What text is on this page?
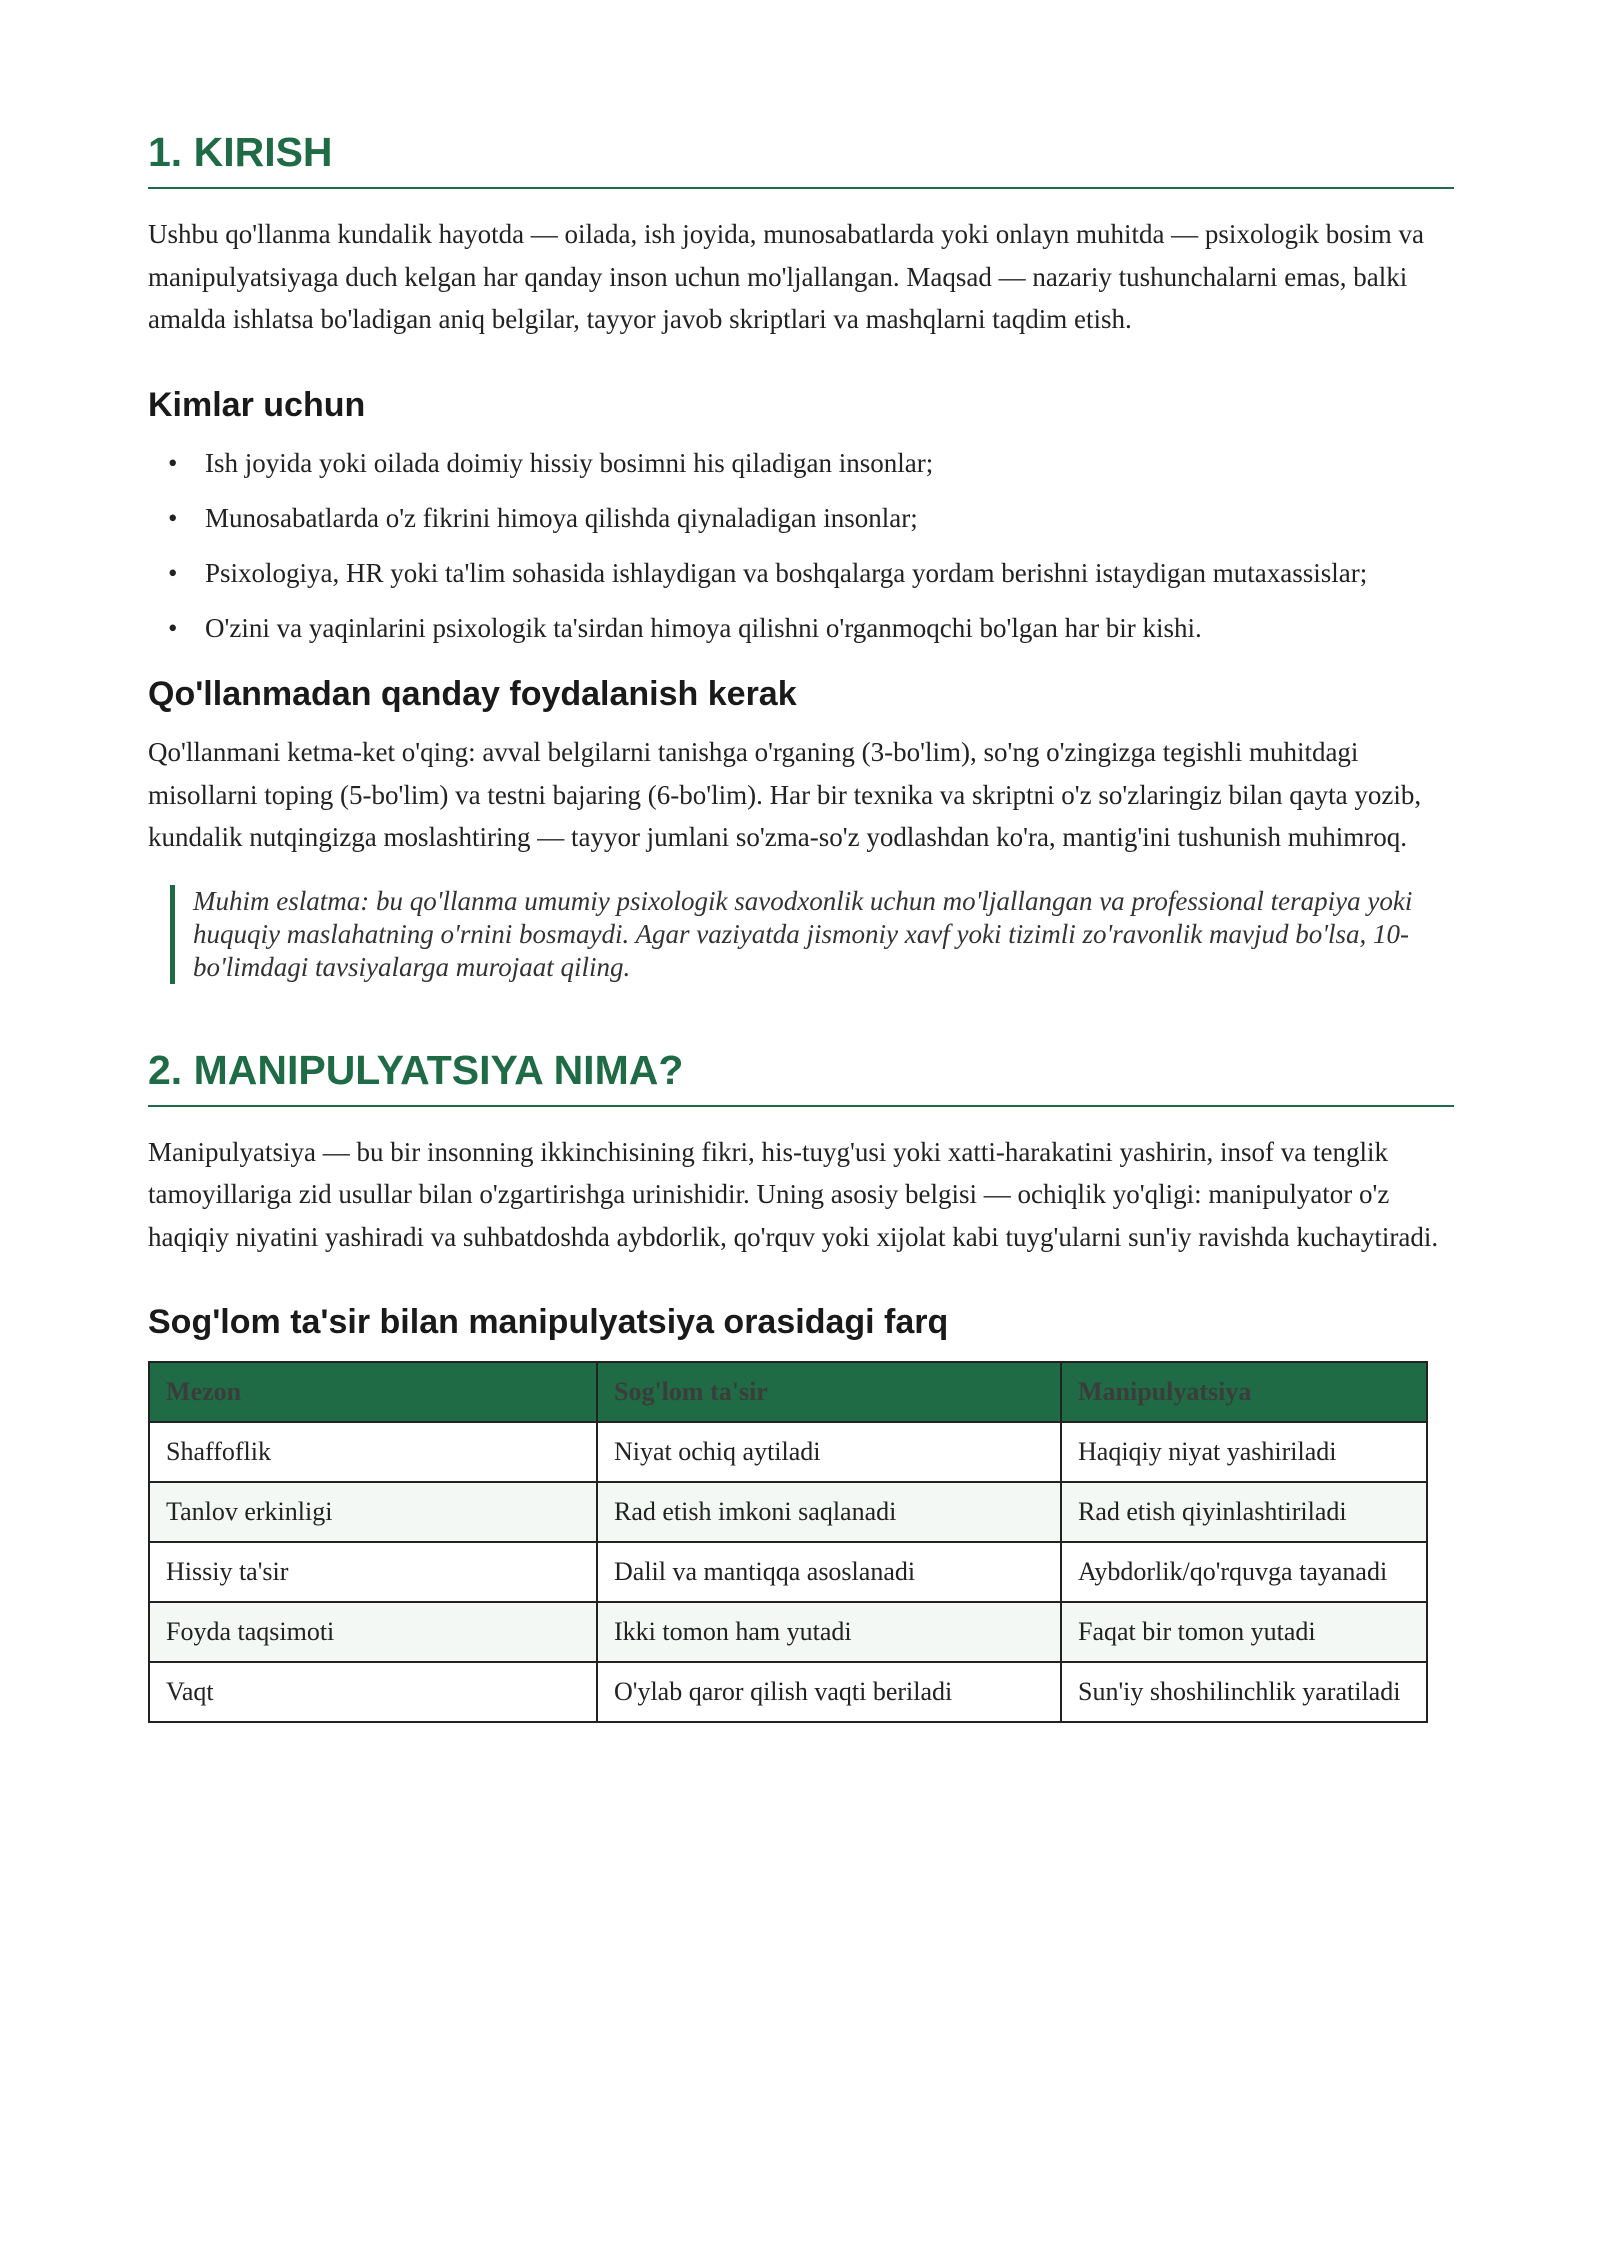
1. KIRISH

Ushbu qo'llanma kundalik hayotda — oilada, ish joyida, munosabatlarda yoki onlayn muhitda — psixologik bosim va manipulyatsiyaga duch kelgan har qanday inson uchun mo'ljallangan. Maqsad — nazariy tushunchalarni emas, balki amalda ishlatsa bo'ladigan aniq belgilar, tayyor javob skriptlari va mashqlarni taqdim etish.

Kimlar uchun
• Ish joyida yoki oilada doimiy hissiy bosimni his qiladigan insonlar;
• Munosabatlarda o'z fikrini himoya qilishda qiynaladigan insonlar;
• Psixologiya, HR yoki ta'lim sohasida ishlaydigan va boshqalarga yordam berishni istaydigan mutaxassislar;
• O'zini va yaqinlarini psixologik ta'sirdan himoya qilishni o'rganmoqchi bo'lgan har bir kishi.
Qo'llanmadan qanday foydalanish kerak

Qo'llanmani ketma-ket o'qing: avval belgilarni tanishga o'rganing (3-bo'lim), so'ng o'zingizga tegishli muhitdagi misollarni toping (5-bo'lim) va testni bajaring (6-bo'lim). Har bir texnika va skriptni o'z so'zlaringiz bilan qayta yozib, kundalik nutqingizga moslashtiring — tayyor jumlani so'zma-so'z yodlashdan ko'ra, mantig'ini tushunish muhimroq.

Muhim eslatma: bu qo'llanma umumiy psixologik savodxonlik uchun mo'ljallangan va professional terapiya yoki huquqiy maslahatning o'rnini bosmaydi. Agar vaziyatda jismoniy xavf yoki tizimli zo'ravonlik mavjud bo'lsa, 10-bo'limdagi tavsiyalarga murojaat qiling.
2. MANIPULYATSIYA NIMA?

Manipulyatsiya — bu bir insonning ikkinchisining fikri, his-tuyg'usi yoki xatti-harakatini yashirin, insof va tenglik tamoyillariga zid usullar bilan o'zgartirishga urinishidir. Uning asosiy belgisi — ochiqlik yo'qligi: manipulyator o'z haqiqiy niyatini yashiradi va suhbatdoshda aybdorlik, qo'rquv yoki xijolat kabi tuyg'ularni sun'iy ravishda kuchaytiradi.

Sog'lom ta'sir bilan manipulyatsiya orasidagi farq
Mezon	Sog'lom ta'sir	Manipulyatsiya
Shaffoflik	Niyat ochiq aytiladi	Haqiqiy niyat yashiriladi
Tanlov erkinligi	Rad etish imkoni saqlanadi	Rad etish qiyinlashtiriladi
Hissiy ta'sir	Dalil va mantiqqa asoslanadi	Aybdorlik/qo'rquvga tayanadi
Foyda taqsimoti	Ikki tomon ham yutadi	Faqat bir tomon yutadi
Vaqt	O'ylab qaror qilish vaqti beriladi	Sun'iy shoshilinchlik yaratiladi
